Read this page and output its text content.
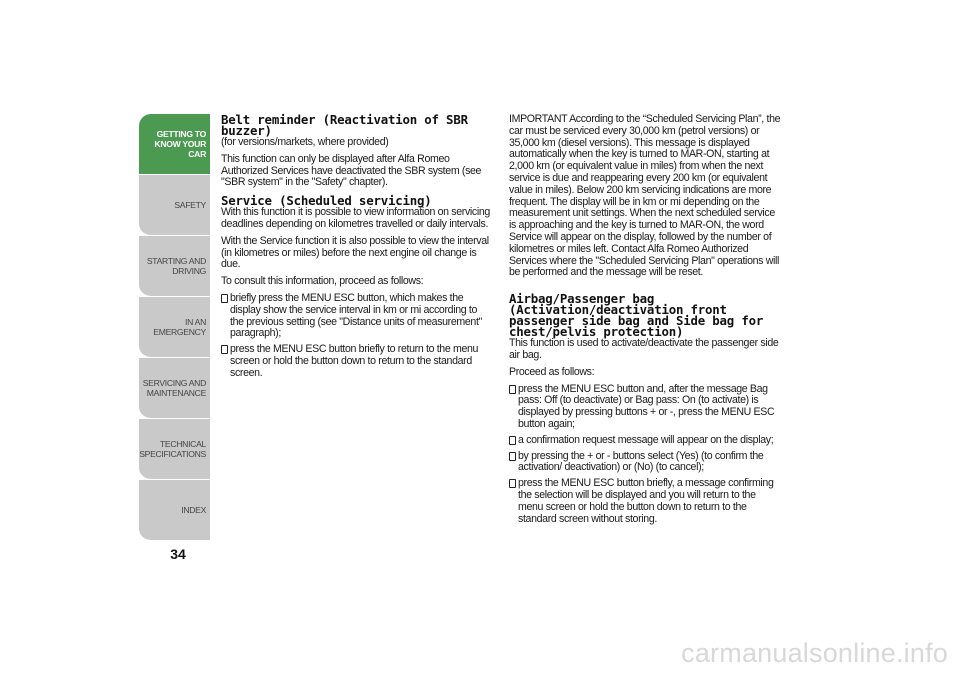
GETTING TO
KNOW YOUR CAR
SAFETY
STARTING AND
DRIVING
IN AN EMERGENCY
SERVICING AND
MAINTENANCE
TECHNICAL
SPECIFICATIONS
INDEX
34
Belt reminder (Reactivation of SBR buzzer)

(for versions/markets, where provided)

This function can only be displayed after Alfa Romeo Authorized Services have deactivated the SBR system (see "SBR system" in the "Safety" chapter).

Service (Scheduled servicing)

With this function it is possible to view information on servicing deadlines depending on kilometres travelled or daily intervals.

With the Service function it is also possible to view the interval (in kilometres or miles) before the next engine oil change is due.

To consult this information, proceed as follows:

briefly press the MENU ESC button, which makes the display show the service interval in km or mi according to the previous setting (see "Distance units of measurement" paragraph);
press the MENU ESC button briefly to return to the menu screen or hold the button down to return to the standard screen.

IMPORTANT According to the “Scheduled Servicing Plan”, the car must be serviced every 30,000 km (petrol versions) or 35,000 km (diesel versions). This message is displayed automatically when the key is turned to MAR-ON, starting at 2,000 km (or equivalent value in miles) from when the next service is due and reappearing every 200 km (or equivalent value in miles). Below 200 km servicing indications are more frequent. The display will be in km or mi depending on the measurement unit settings. When the next scheduled service is approaching and the key is turned to MAR-ON, the word Service will appear on the display, followed by the number of kilometres or miles left. Contact Alfa Romeo Authorized Services where the "Scheduled Servicing Plan" operations will be performed and the message will be reset.

Airbag/Passenger bag (Activation/deactivation front passenger side bag and Side bag for chest/pelvis protection)

This function is used to activate/deactivate the passenger side air bag.

Proceed as follows:

press the MENU ESC button and, after the message Bag pass: Off (to deactivate) or Bag pass: On (to activate) is displayed by pressing buttons + or -, press the MENU ESC button again;
a confirmation request message will appear on the display;
by pressing the + or - buttons select (Yes) (to confirm the activation/ deactivation) or (No) (to cancel);
press the MENU ESC button briefly, a message confirming the selection will be displayed and you will return to the menu screen or hold the button down to return to the standard screen without storing.
carmanualsonline.info
